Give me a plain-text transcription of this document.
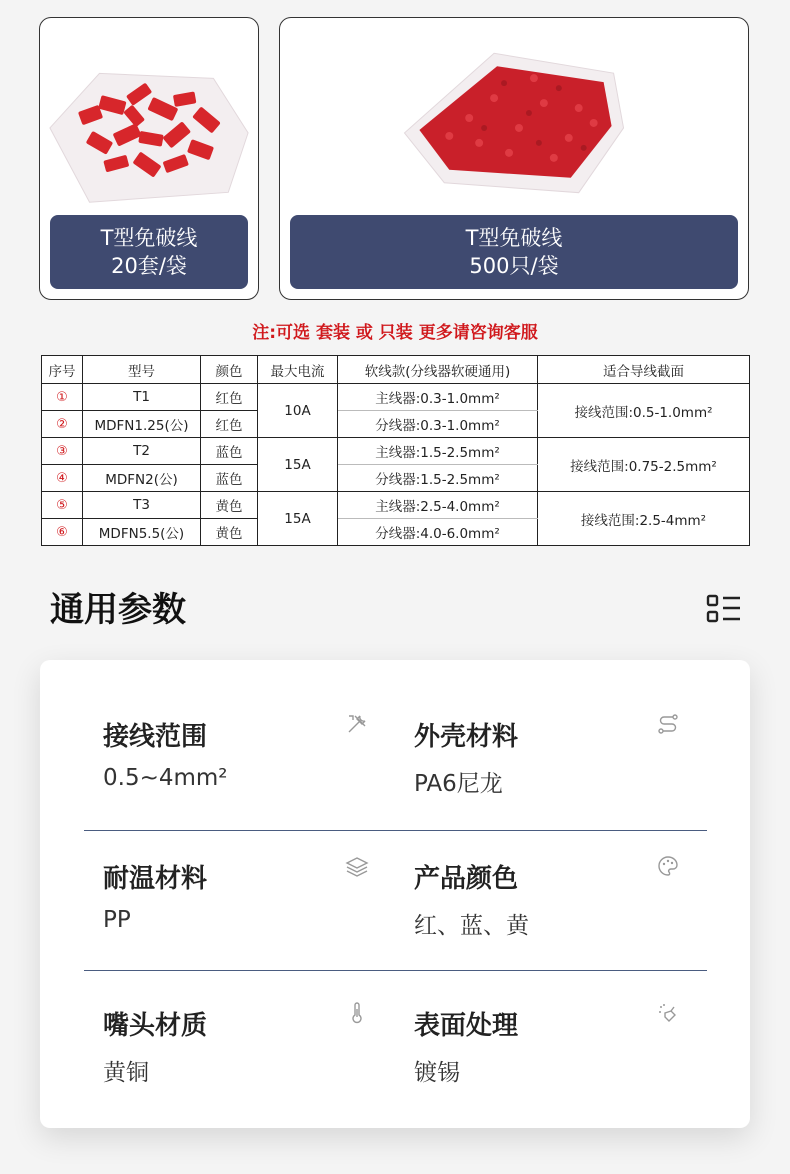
T型免破线
20套/袋
T型免破线
500只/袋
注:可选 套装 或 只装 更多请咨询客服
序号	型号	颜色	最大电流	软线款(分线器软硬通用)	适合导线截面
①	T1	红色	10A	主线器:0.3-1.0mm²	接线范围:0.5-1.0mm²
②	MDFN1.25(公)	红色		分线器:0.3-1.0mm²	
③	T2	蓝色	15A	主线器:1.5-2.5mm²	接线范围:0.75-2.5mm²
④	MDFN2(公)	蓝色		分线器:1.5-2.5mm²	
⑤	T3	黄色	15A	主线器:2.5-4.0mm²	接线范围:2.5-4mm²
⑥	MDFN5.5(公)	黄色		分线器:4.0-6.0mm²	
通用参数
接线范围
0.5~4mm²
外壳材料
PA6尼龙
耐温材料
PP
产品颜色
红、蓝、黄
嘴头材质
黄铜
表面处理
镀锡
